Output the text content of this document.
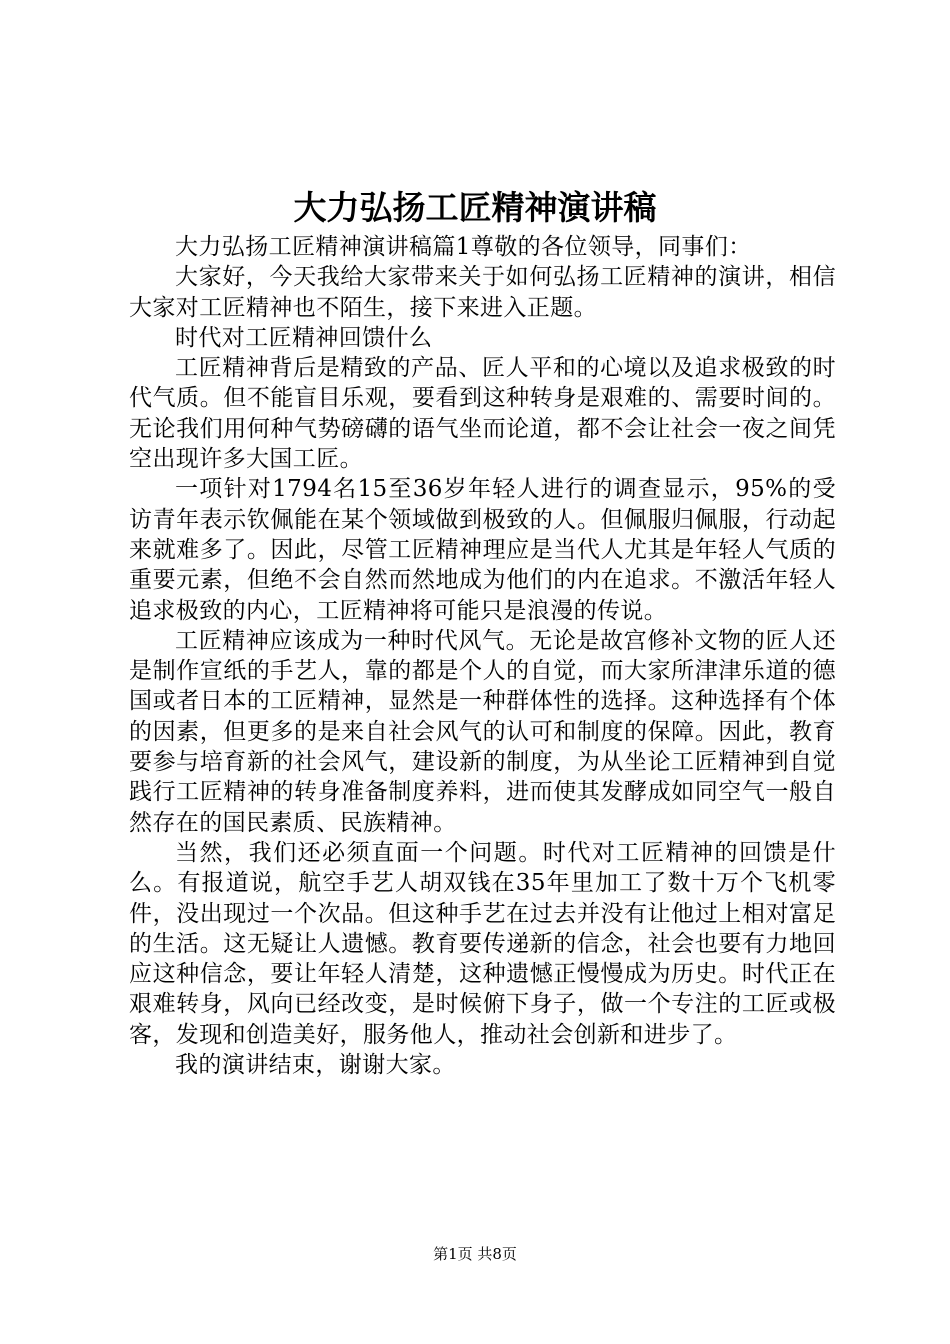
大力弘扬工匠精神演讲稿

大力弘扬工匠精神演讲稿篇1尊敬的各位领导，同事们：

大家好，今天我给大家带来关于如何弘扬工匠精神的演讲，相信大家对工匠精神也不陌生，接下来进入正题。

时代对工匠精神回馈什么

工匠精神背后是精致的产品、匠人平和的心境以及追求极致的时代气质。但不能盲目乐观，要看到这种转身是艰难的、需要时间的。无论我们用何种气势磅礴的语气坐而论道，都不会让社会一夜之间凭空出现许多大国工匠。

一项针对1794名15至36岁年轻人进行的调查显示，95%的受访青年表示钦佩能在某个领域做到极致的人。但佩服归佩服，行动起来就难多了。因此，尽管工匠精神理应是当代人尤其是年轻人气质的重要元素，但绝不会自然而然地成为他们的内在追求。不激活年轻人追求极致的内心，工匠精神将可能只是浪漫的传说。

工匠精神应该成为一种时代风气。无论是故宫修补文物的匠人还是制作宣纸的手艺人，靠的都是个人的自觉，而大家所津津乐道的德国或者日本的工匠精神，显然是一种群体性的选择。这种选择有个体的因素，但更多的是来自社会风气的认可和制度的保障。因此，教育要参与培育新的社会风气，建设新的制度，为从坐论工匠精神到自觉践行工匠精神的转身准备制度养料，进而使其发酵成如同空气一般自然存在的国民素质、民族精神。

当然，我们还必须直面一个问题。时代对工匠精神的回馈是什么。有报道说，航空手艺人胡双钱在35年里加工了数十万个飞机零件，没出现过一个次品。但这种手艺在过去并没有让他过上相对富足的生活。这无疑让人遗憾。教育要传递新的信念，社会也要有力地回应这种信念，要让年轻人清楚，这种遗憾正慢慢成为历史。时代正在艰难转身，风向已经改变，是时候俯下身子，做一个专注的工匠或极客，发现和创造美好，服务他人，推动社会创新和进步了。

我的演讲结束，谢谢大家。

第1页 共8页
